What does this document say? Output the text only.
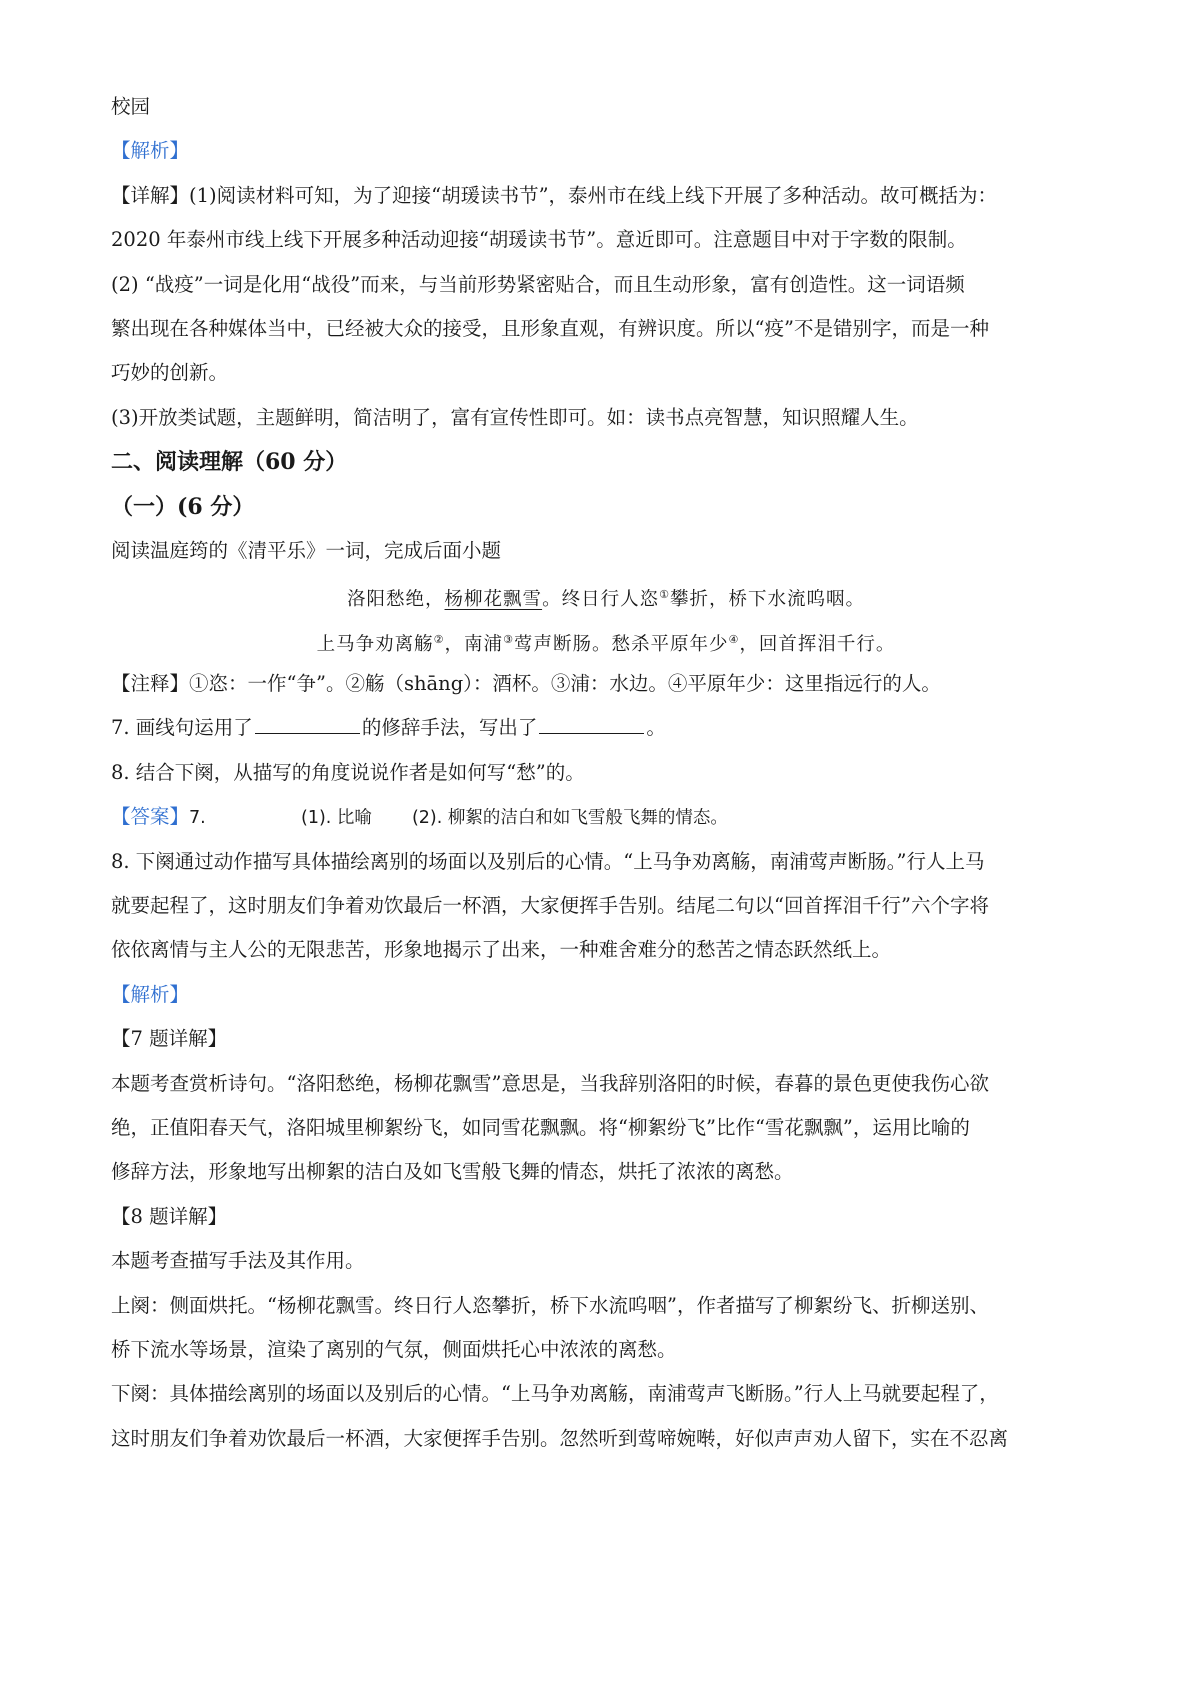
校园
【解析】
【详解】(1)阅读材料可知，为了迎接“胡瑗读书节”，泰州市在线上线下开展了多种活动。故可概括为：
2020 年泰州市线上线下开展多种活动迎接“胡瑗读书节”。意近即可。注意题目中对于字数的限制。
(2) “战疫”一词是化用“战役”而来，与当前形势紧密贴合，而且生动形象，富有创造性。这一词语频
繁出现在各种媒体当中，已经被大众的接受，且形象直观，有辨识度。所以“疫”不是错别字，而是一种
巧妙的创新。
(3)开放类试题，主题鲜明，简洁明了，富有宣传性即可。如：读书点亮智慧，知识照耀人生。
二、阅读理解（60 分）
（一）(6 分）
阅读温庭筠的《清平乐》一词，完成后面小题
洛阳愁绝，杨柳花飘雪。终日行人恣①攀折，桥下水流呜咽。
上马争劝离觞②，南浦③莺声断肠。愁杀平原年少④，回首挥泪千行。
【注释】①恣：一作“争”。②觞（shāng）：酒杯。③浦：水边。④平原年少：这里指远行的人。
7. 画线句运用了	的修辞手法，写出了	。
8. 结合下阕，从描写的角度说说作者是如何写“愁”的。
【答案】7.	(1). 比喻 (2). 柳絮的洁白和如飞雪般飞舞的情态。
8. 下阕通过动作描写具体描绘离别的场面以及别后的心情。“上马争劝离觞，南浦莺声断肠。”行人上马
就要起程了，这时朋友们争着劝饮最后一杯酒，大家便挥手告别。结尾二句以“回首挥泪千行”六个字将
依依离情与主人公的无限悲苦，形象地揭示了出来，一种难舍难分的愁苦之情态跃然纸上。
【解析】
【7 题详解】
本题考查赏析诗句。“洛阳愁绝，杨柳花飘雪”意思是，当我辞别洛阳的时候，春暮的景色更使我伤心欲
绝，正值阳春天气，洛阳城里柳絮纷飞，如同雪花飘飘。将“柳絮纷飞”比作“雪花飘飘”，运用比喻的
修辞方法，形象地写出柳絮的洁白及如飞雪般飞舞的情态，烘托了浓浓的离愁。
【8 题详解】
本题考查描写手法及其作用。
上阕：侧面烘托。“杨柳花飘雪。终日行人恣攀折，桥下水流呜咽”，作者描写了柳絮纷飞、折柳送别、
桥下流水等场景，渲染了离别的气氛，侧面烘托心中浓浓的离愁。
下阕：具体描绘离别的场面以及别后的心情。“上马争劝离觞，南浦莺声飞断肠。”行人上马就要起程了，
这时朋友们争着劝饮最后一杯酒，大家便挥手告别。忽然听到莺啼婉啭，好似声声劝人留下，实在不忍离
